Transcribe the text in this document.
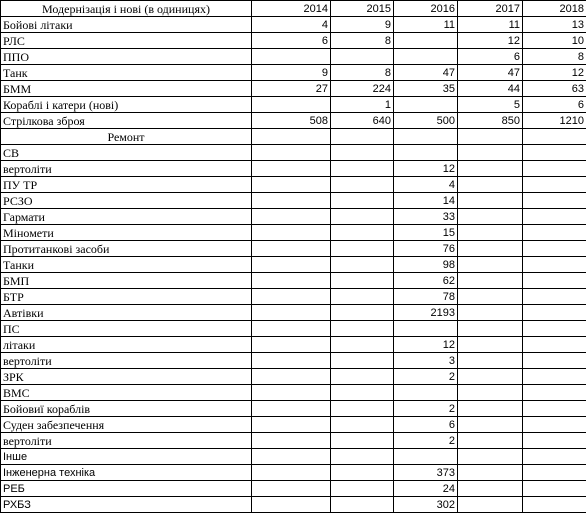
Модернізація і нові (в одиницях)	2014	2015	2016	2017	2018
Бойові літаки	4	9	11	11	13
РЛС	6	8		12	10
ППО				6	8
Танк	9	8	47	47	12
БММ	27	224	35	44	63
Кораблі і катери (нові)		1		5	6
Стрілкова зброя	508	640	500	850	1210
Ремонт					
СВ					
вертоліти			12		
ПУ ТР			4		
РСЗО			14		
Гармати			33		
Міномети			15		
Протитанкові засоби			76		
Танки			98		
БМП			62		
БТР			78		
Автівки			2193		
ПС					
літаки			12		
вертоліти			3		
ЗРК			2		
ВМС					
Бойовиї кораблів			2		
Суден забезпечення			6		
вертоліти			2		
Інше					
Інженерна техніка			373		
РЕБ			24		
РХБЗ			302		
